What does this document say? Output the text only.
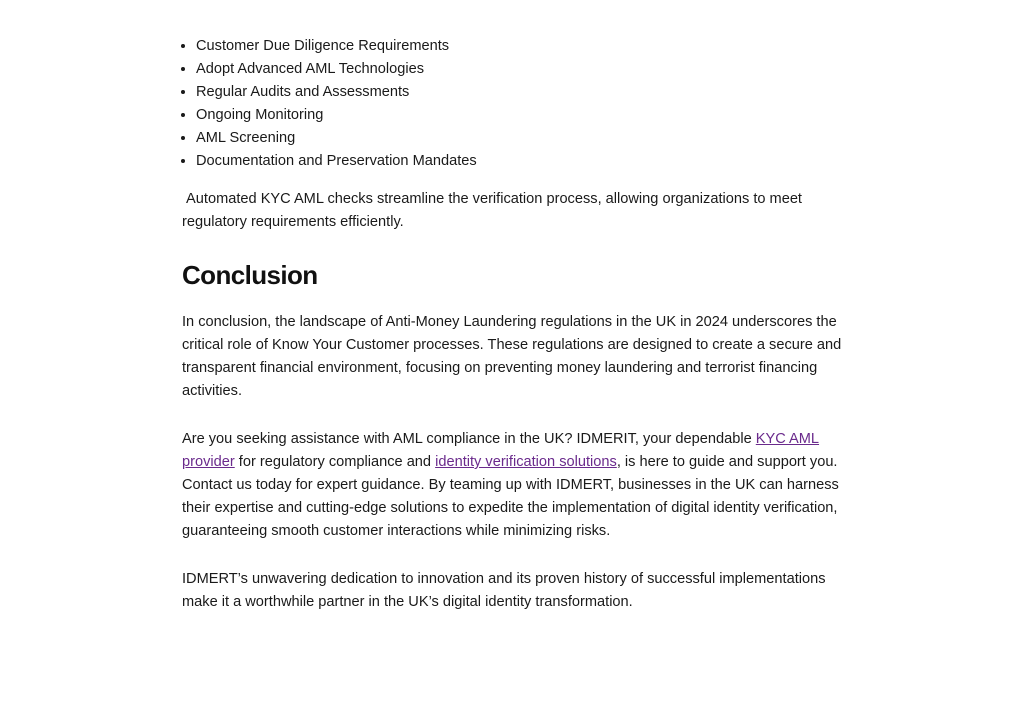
• Customer Due Diligence Requirements
• Adopt Advanced AML Technologies
• Regular Audits and Assessments
• Ongoing Monitoring
• AML Screening
• Documentation and Preservation Mandates

Automated KYC AML checks streamline the verification process, allowing organizations to meet regulatory requirements efficiently.

Conclusion

In conclusion, the landscape of Anti-Money Laundering regulations in the UK in 2024 underscores the critical role of Know Your Customer processes. These regulations are designed to create a secure and transparent financial environment, focusing on preventing money laundering and terrorist financing activities.

Are you seeking assistance with AML compliance in the UK? IDMERIT, your dependable KYC AML provider for regulatory compliance and identity verification solutions, is here to guide and support you. Contact us today for expert guidance. By teaming up with IDMERT, businesses in the UK can harness their expertise and cutting-edge solutions to expedite the implementation of digital identity verification, guaranteeing smooth customer interactions while minimizing risks.

IDMERT’s unwavering dedication to innovation and its proven history of successful implementations make it a worthwhile partner in the UK’s digital identity transformation.
